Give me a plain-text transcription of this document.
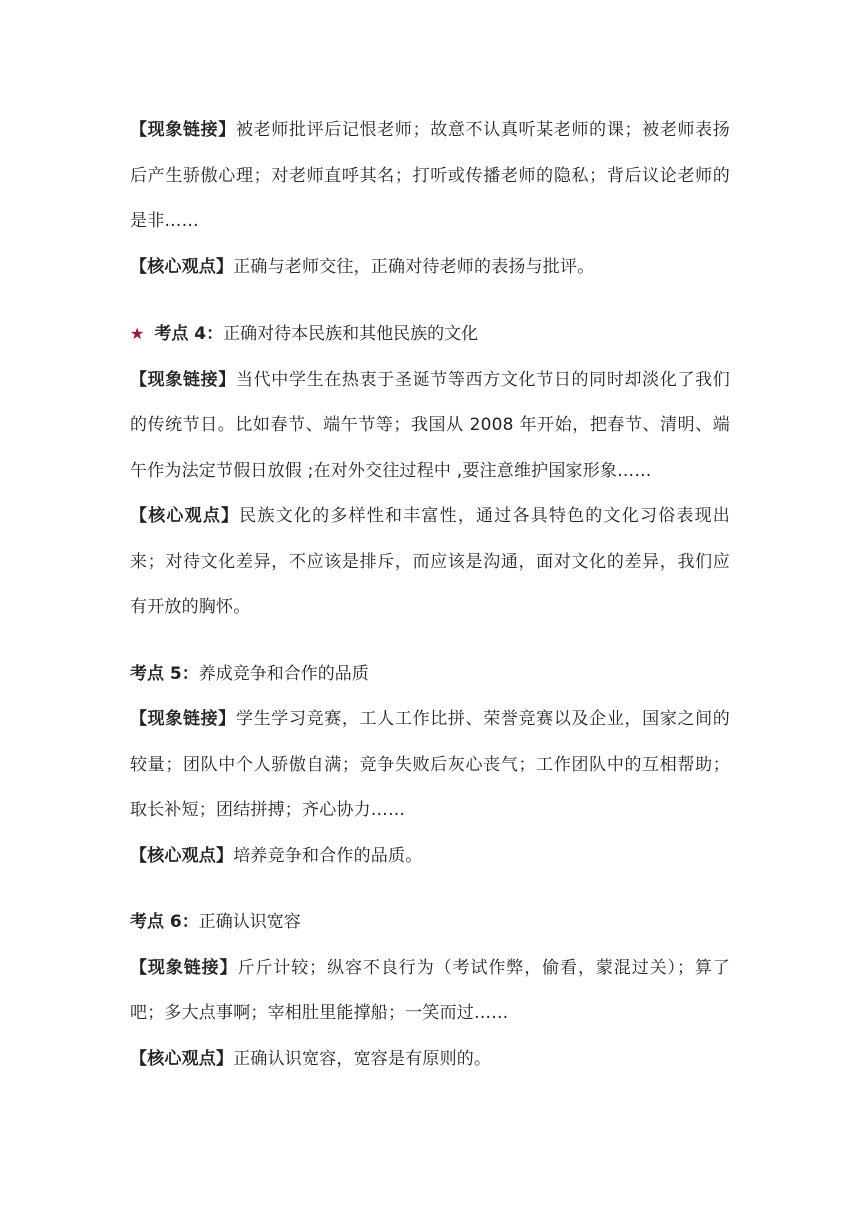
【现象链接】被老师批评后记恨老师；故意不认真听某老师的课；被老师表扬后产生骄傲心理；对老师直呼其名；打听或传播老师的隐私；背后议论老师的是非……

【核心观点】正确与老师交往，正确对待老师的表扬与批评。

★ 考点 4：正确对待本民族和其他民族的文化

【现象链接】当代中学生在热衷于圣诞节等西方文化节日的同时却淡化了我们的传统节日。比如春节、端午节等；我国从 2008 年开始，把春节、清明、端午作为法定节假日放假 ;在对外交往过程中 ,要注意维护国家形象……

【核心观点】民族文化的多样性和丰富性，通过各具特色的文化习俗表现出来；对待文化差异，不应该是排斥，而应该是沟通，面对文化的差异，我们应有开放的胸怀。

考点 5：养成竞争和合作的品质

【现象链接】学生学习竞赛，工人工作比拼、荣誉竞赛以及企业，国家之间的较量；团队中个人骄傲自满；竞争失败后灰心丧气；工作团队中的互相帮助；取长补短；团结拼搏；齐心协力……

【核心观点】培养竞争和合作的品质。

考点 6：正确认识宽容

【现象链接】斤斤计较；纵容不良行为（考试作弊，偷看，蒙混过关）；算了吧；多大点事啊；宰相肚里能撑船；一笑而过……

【核心观点】正确认识宽容，宽容是有原则的。
